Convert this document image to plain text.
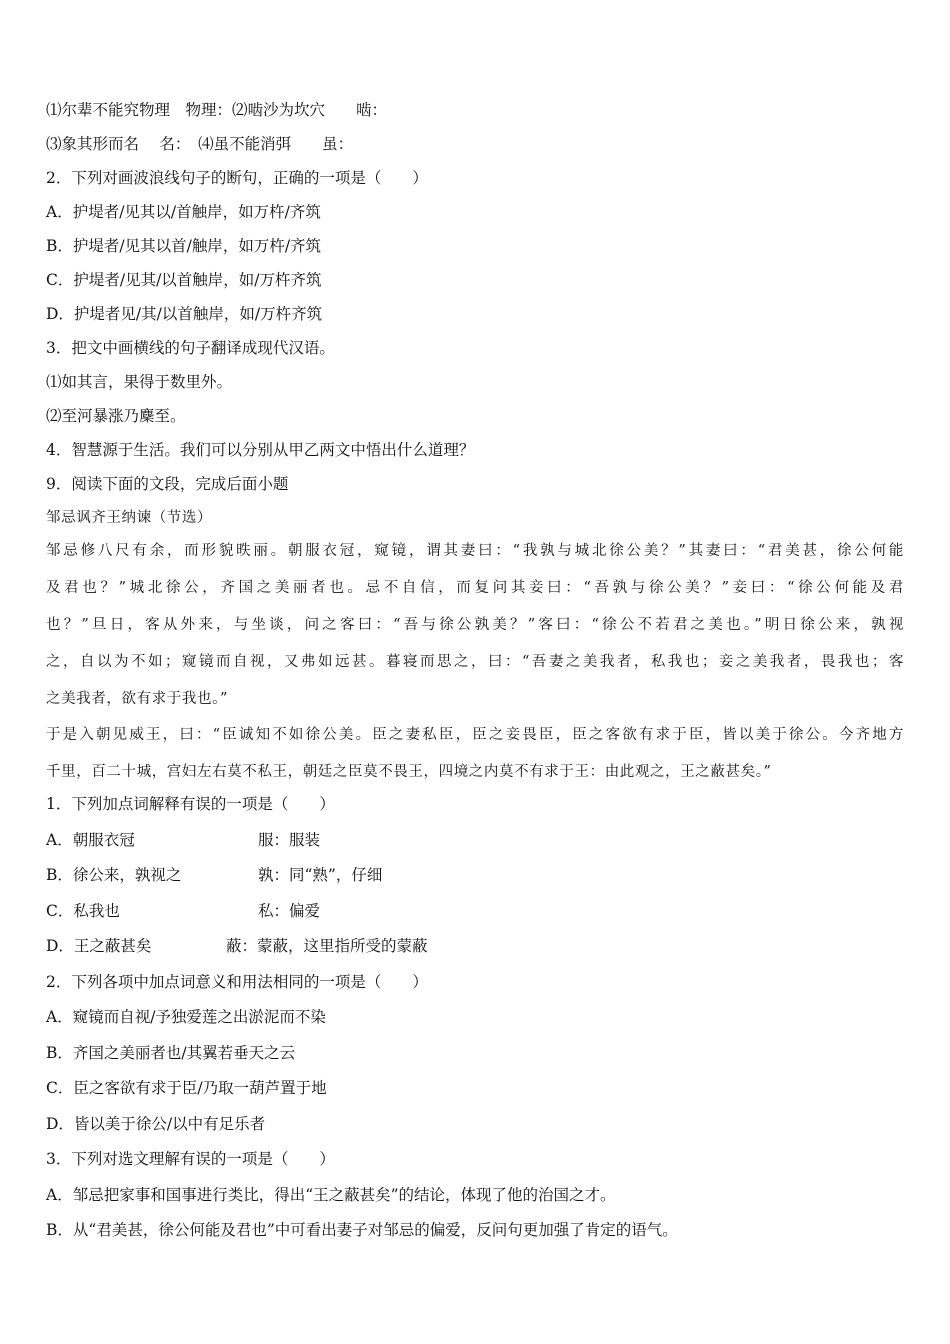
⑴尔辈不能究物理　物理：⑵啮沙为坎穴　　啮：
⑶象其形而名　 名：　⑷虽不能消弭　　虽：
2．下列对画波浪线句子的断句，正确的一项是（　　）
A．护堤者/见其以/首触岸，如万杵/齐筑
B．护堤者/见其以首/触岸，如万杵/齐筑
C．护堤者/见其/以首触岸，如/万杵齐筑
D．护堤者见/其/以首触岸，如/万杵齐筑
3．把文中画横线的句子翻译成现代汉语。
⑴如其言，果得于数里外。
⑵至河暴涨乃麇至。
4．智慧源于生活。我们可以分别从甲乙两文中悟出什么道理？
9．阅读下面的文段，完成后面小题
邹忌讽齐王纳谏（节选）
邹忌修八尺有余，而形貌昳丽。朝服衣冠，窥镜，谓其妻曰：“我孰与城北徐公美？”其妻曰：“君美甚，徐公何能
及君也？”城北徐公，齐国之美丽者也。忌不自信，而复问其妾曰：“吾孰与徐公美？”妾曰：“徐公何能及君
也？”旦日，客从外来，与坐谈，问之客曰：“吾与徐公孰美？”客曰：“徐公不若君之美也。”明日徐公来，孰视
之，自以为不如；窥镜而自视，又弗如远甚。暮寝而思之，曰：“吾妻之美我者，私我也；妾之美我者，畏我也；客
之美我者，欲有求于我也。”
于是入朝见威王，曰：“臣诚知不如徐公美。臣之妻私臣，臣之妾畏臣，臣之客欲有求于臣，皆以美于徐公。今齐地方
千里，百二十城，宫妇左右莫不私王，朝廷之臣莫不畏王，四境之内莫不有求于王：由此观之，王之蔽甚矣。”
1．下列加点词解释有误的一项是（　　）
A．朝服衣冠	服：服装
B．徐公来，孰视之	孰：同“熟”，仔细
C．私我也	私：偏爱
D．王之蔽甚矣	蔽：蒙蔽，这里指所受的蒙蔽
2．下列各项中加点词意义和用法相同的一项是（　　）
A．窥镜而自视/予独爱莲之出淤泥而不染
B．齐国之美丽者也/其翼若垂天之云
C．臣之客欲有求于臣/乃取一葫芦置于地
D．皆以美于徐公/以中有足乐者
3．下列对选文理解有误的一项是（　　）
A．邹忌把家事和国事进行类比，得出“王之蔽甚矣”的结论，体现了他的治国之才。
B．从“君美甚，徐公何能及君也”中可看出妻子对邹忌的偏爱，反问句更加强了肯定的语气。
